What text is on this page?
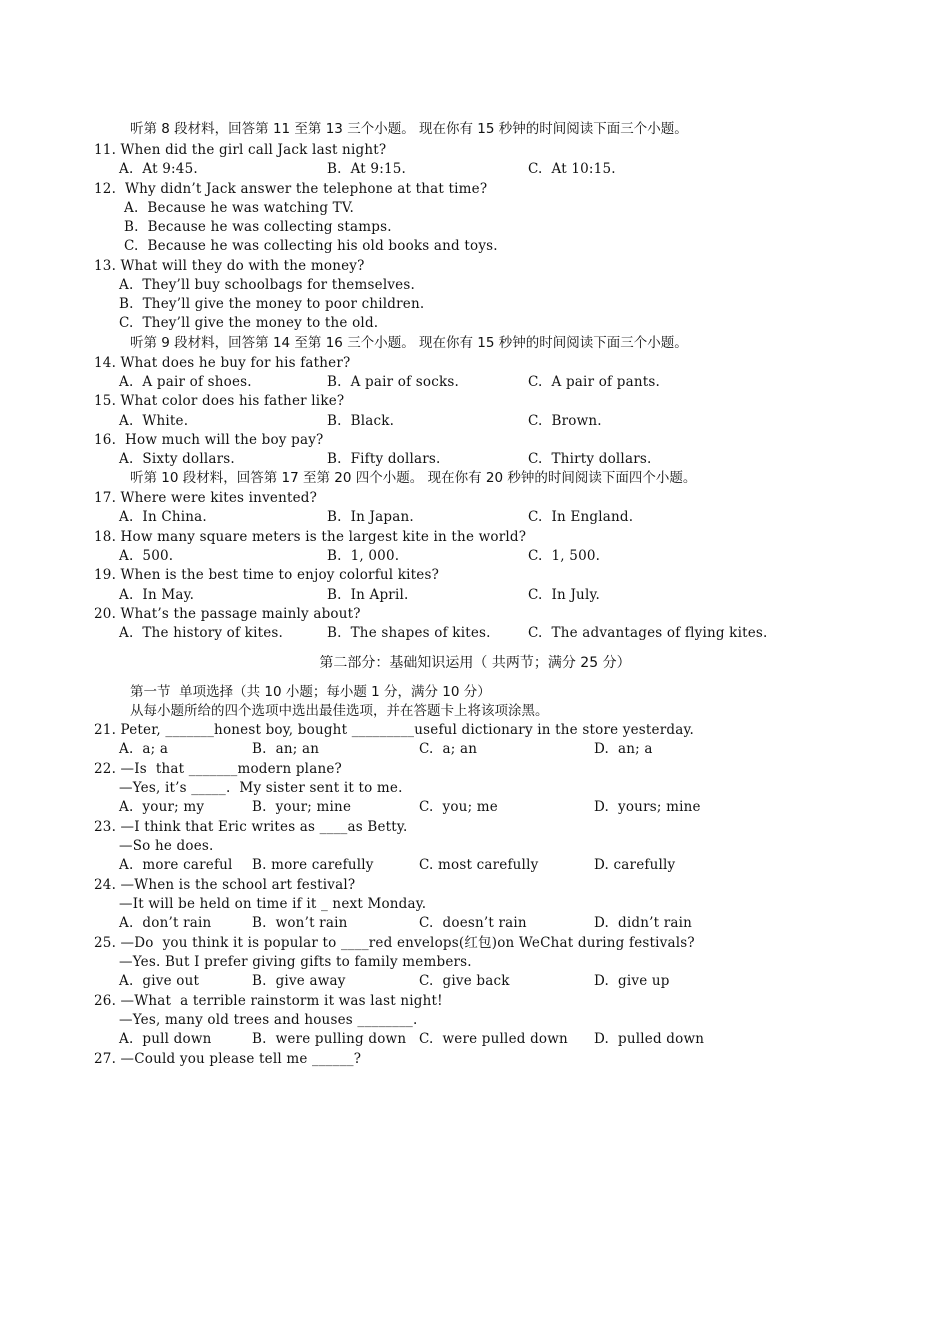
听第 8 段材料，回答第 11 至第 13 三个小题。 现在你有 15 秒钟的时间阅读下面三个小题。
11. When did the girl call Jack last night?
A.  At 9:45.	B.  At 9:15.	C.  At 10:15.
12.  Why didn’t Jack answer the telephone at that time?
A.  Because he was watching TV.
B.  Because he was collecting stamps.
C.  Because he was collecting his old books and toys.
13. What will they do with the money?
A.  They’ll buy schoolbags for themselves.
B.  They’ll give the money to poor children.
C.  They’ll give the money to the old.
听第 9 段材料，回答第 14 至第 16 三个小题。 现在你有 15 秒钟的时间阅读下面三个小题。
14. What does he buy for his father?
A.  A pair of shoes.	B.  A pair of socks.	C.  A pair of pants.
15. What color does his father like?
A.  White.	B.  Black.	C.  Brown.
16.  How much will the boy pay?
A.  Sixty dollars.	B.  Fifty dollars.	C.  Thirty dollars.
听第 10 段材料，回答第 17 至第 20 四个小题。 现在你有 20 秒钟的时间阅读下面四个小题。
17. Where were kites invented?
A.  In China.	B.  In Japan.	C.  In England.
18. How many square meters is the largest kite in the world?
A.  500.	B.  1, 000.	C.  1, 500.
19. When is the best time to enjoy colorful kites?
A.  In May.	B.  In April.	C.  In July.
20. What’s the passage mainly about?
A.  The history of kites.	B.  The shapes of kites.	C.  The advantages of flying kites.
第二部分：基础知识运用（ 共两节；满分 25 分）
第一节  单项选择（共 10 小题；每小题 1 分，满分 10 分）
从每小题所给的四个选项中选出最佳选项，并在答题卡上将该项涂黑。
21. Peter, _______honest boy, bought _________useful dictionary in the store yesterday.
A.  a; a	B.  an; an	C.  a; an	D.  an; a
22. —Is  that _______modern plane?
—Yes, it’s _____.  My sister sent it to me.
A.  your; my	B.  your; mine	C.  you; me	D.  yours; mine
23. —I think that Eric writes as ____as Betty.
—So he does.
A.  more careful B. more carefully	C. most carefully	D. carefully
24. —When is the school art festival?
—It will be held on time if it _ next Monday.
A.  don’t rain	B.  won’t rain	C.  doesn’t rain	D.  didn’t rain
25. —Do  you think it is popular to ____red envelops(红包)on WeChat during festivals?
—Yes. But I prefer giving gifts to family members.
A.  give out	B.  give away	C.  give back	D.  give up
26. —What  a terrible rainstorm it was last night!
—Yes, many old trees and houses ________.
A.  pull down	B.  were pulling down C.  were pulled down D.  pulled down
27. —Could you please tell me ______?
